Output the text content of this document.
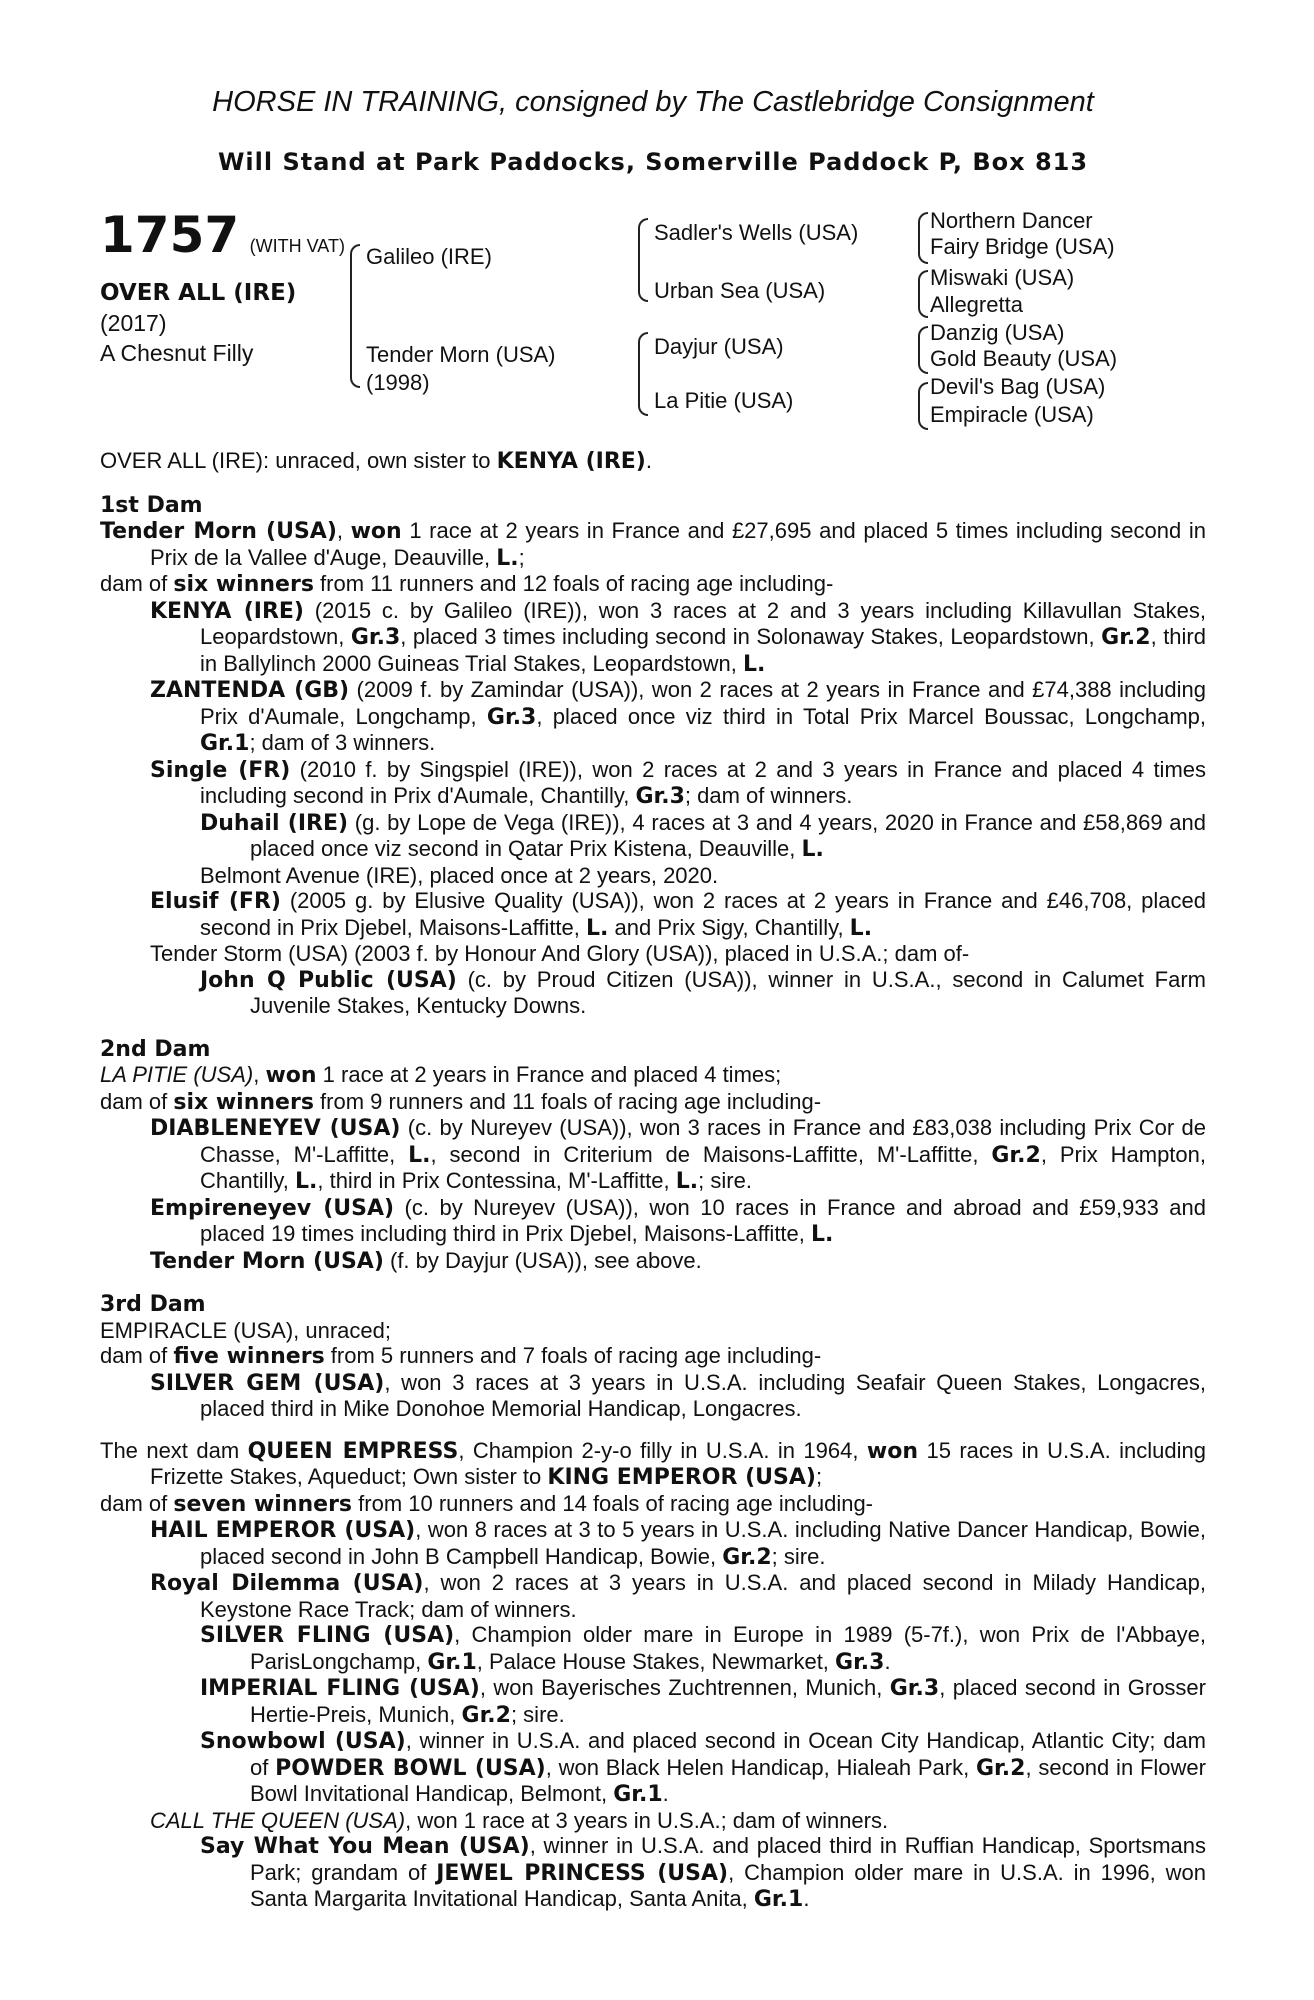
HORSE IN TRAINING, consigned by The Castlebridge Consignment
Will Stand at Park Paddocks, Somerville Paddock P, Box 813
1757 (WITH VAT)
OVER ALL (IRE)
(2017)
A Chesnut Filly
Galileo (IRE)
Tender Morn (USA)
(1998)
Sadler's Wells (USA)
Urban Sea (USA)
Dayjur (USA)
La Pitie (USA)
Northern Dancer
Fairy Bridge (USA)
Miswaki (USA)
Allegretta
Danzig (USA)
Gold Beauty (USA)
Devil's Bag (USA)
Empiracle (USA)

OVER ALL (IRE): unraced, own sister to KENYA (IRE).

1st Dam

Tender Morn (USA), won 1 race at 2 years in France and £27,695 and placed 5 times including second in Prix de la Vallee d'Auge, Deauville, L.;

dam of six winners from 11 runners and 12 foals of racing age including-

KENYA (IRE) (2015 c. by Galileo (IRE)), won 3 races at 2 and 3 years including Killavullan Stakes, Leopardstown, Gr.3, placed 3 times including second in Solonaway Stakes, Leopardstown, Gr.2, third in Ballylinch 2000 Guineas Trial Stakes, Leopardstown, L.

ZANTENDA (GB) (2009 f. by Zamindar (USA)), won 2 races at 2 years in France and £74,388 including Prix d'Aumale, Longchamp, Gr.3, placed once viz third in Total Prix Marcel Boussac, Longchamp, Gr.1; dam of 3 winners.

Single (FR) (2010 f. by Singspiel (IRE)), won 2 races at 2 and 3 years in France and placed 4 times including second in Prix d'Aumale, Chantilly, Gr.3; dam of winners.

Duhail (IRE) (g. by Lope de Vega (IRE)), 4 races at 3 and 4 years, 2020 in France and £58,869 and placed once viz second in Qatar Prix Kistena, Deauville, L.

Belmont Avenue (IRE), placed once at 2 years, 2020.

Elusif (FR) (2005 g. by Elusive Quality (USA)), won 2 races at 2 years in France and £46,708, placed second in Prix Djebel, Maisons-Laffitte, L. and Prix Sigy, Chantilly, L.

Tender Storm (USA) (2003 f. by Honour And Glory (USA)), placed in U.S.A.; dam of-

John Q Public (USA) (c. by Proud Citizen (USA)), winner in U.S.A., second in Calumet Farm Juvenile Stakes, Kentucky Downs.

2nd Dam

LA PITIE (USA), won 1 race at 2 years in France and placed 4 times;

dam of six winners from 9 runners and 11 foals of racing age including-

DIABLENEYEV (USA) (c. by Nureyev (USA)), won 3 races in France and £83,038 including Prix Cor de Chasse, M'-Laffitte, L., second in Criterium de Maisons-Laffitte, M'-Laffitte, Gr.2, Prix Hampton, Chantilly, L., third in Prix Contessina, M'-Laffitte, L.; sire.

Empireneyev (USA) (c. by Nureyev (USA)), won 10 races in France and abroad and £59,933 and placed 19 times including third in Prix Djebel, Maisons-Laffitte, L.

Tender Morn (USA) (f. by Dayjur (USA)), see above.

3rd Dam

EMPIRACLE (USA), unraced;

dam of five winners from 5 runners and 7 foals of racing age including-

SILVER GEM (USA), won 3 races at 3 years in U.S.A. including Seafair Queen Stakes, Longacres, placed third in Mike Donohoe Memorial Handicap, Longacres.

The next dam QUEEN EMPRESS, Champion 2-y-o filly in U.S.A. in 1964, won 15 races in U.S.A. including Frizette Stakes, Aqueduct; Own sister to KING EMPEROR (USA);

dam of seven winners from 10 runners and 14 foals of racing age including-

HAIL EMPEROR (USA), won 8 races at 3 to 5 years in U.S.A. including Native Dancer Handicap, Bowie, placed second in John B Campbell Handicap, Bowie, Gr.2; sire.

Royal Dilemma (USA), won 2 races at 3 years in U.S.A. and placed second in Milady Handicap, Keystone Race Track; dam of winners.

SILVER FLING (USA), Champion older mare in Europe in 1989 (5-7f.), won Prix de l'Abbaye, ParisLongchamp, Gr.1, Palace House Stakes, Newmarket, Gr.3.

IMPERIAL FLING (USA), won Bayerisches Zuchtrennen, Munich, Gr.3, placed second in Grosser Hertie-Preis, Munich, Gr.2; sire.

Snowbowl (USA), winner in U.S.A. and placed second in Ocean City Handicap, Atlantic City; dam of POWDER BOWL (USA), won Black Helen Handicap, Hialeah Park, Gr.2, second in Flower Bowl Invitational Handicap, Belmont, Gr.1.

CALL THE QUEEN (USA), won 1 race at 3 years in U.S.A.; dam of winners.

Say What You Mean (USA), winner in U.S.A. and placed third in Ruffian Handicap, Sportsmans Park; grandam of JEWEL PRINCESS (USA), Champion older mare in U.S.A. in 1996, won Santa Margarita Invitational Handicap, Santa Anita, Gr.1.
